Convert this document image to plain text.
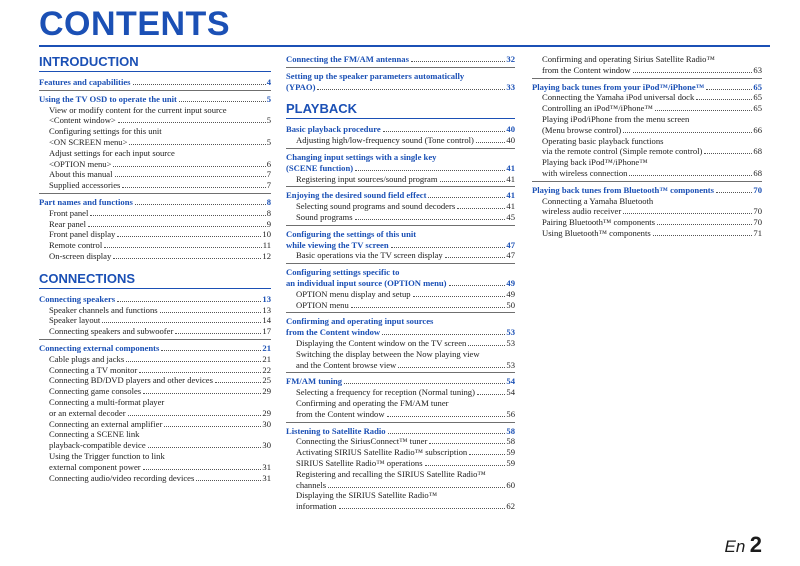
CONTENTS
INTRODUCTION
Features and capabilities	4
Using the TV OSD to operate the unit	5
View or modify content for the current input source
<Content window>	5
Configuring settings for this unit
<ON SCREEN menu>	5
Adjust settings for each input source
<OPTION menu>	6
About this manual	7
Supplied accessories	7
Part names and functions	8
Front panel	8
Rear panel	9
Front panel display	10
Remote control	11
On-screen display	12
CONNECTIONS
Connecting speakers	13
Speaker channels and functions	13
Speaker layout	14
Connecting speakers and subwoofer	17
Connecting external components	21
Cable plugs and jacks	21
Connecting a TV monitor	22
Connecting BD/DVD players and other devices	25
Connecting game consoles	29
Connecting a multi-format player
or an external decoder	29
Connecting an external amplifier	30
Connecting a SCENE link
playback-compatible device	30
Using the Trigger function to link
external component power	31
Connecting audio/video recording devices	31
Connecting the FM/AM antennas	32
Setting up the speaker parameters automatically
(YPAO)	33
PLAYBACK
Basic playback procedure	40
Adjusting high/low-frequency sound (Tone control)	40
Changing input settings with a single key
(SCENE function)	41
Registering input sources/sound program	41
Enjoying the desired sound field effect	41
Selecting sound programs and sound decoders	41
Sound programs	45
Configuring the settings of this unit
while viewing the TV screen	47
Basic operations via the TV screen display	47
Configuring settings specific to
an individual input source (OPTION menu)	49
OPTION menu display and setup	49
OPTION menu	50
Confirming and operating input sources
from the Content window	53
Displaying the Content window on the TV screen	53
Switching the display between the Now playing view
and the Content browse view	53
FM/AM tuning	54
Selecting a frequency for reception (Normal tuning)	54
Confirming and operating the FM/AM tuner
from the Content window	56
Listening to Satellite Radio	58
Connecting the SiriusConnect™ tuner	58
Activating SIRIUS Satellite Radio™ subscription	59
SIRIUS Satellite Radio™ operations	59
Registering and recalling the SIRIUS Satellite Radio™
channels	60
Displaying the SIRIUS Satellite Radio™
information	62
Confirming and operating Sirius Satellite Radio™
from the Content window	63
Playing back tunes from your iPod™/iPhone™	65
Connecting the Yamaha iPod universal dock	65
Controlling an iPod™/iPhone™	65
Playing iPod/iPhone from the menu screen
(Menu browse control)	66
Operating basic playback functions
via the remote control (Simple remote control)	68
Playing back iPod™/iPhone™
with wireless connection	68
Playing back tunes from Bluetooth™ components	70
Connecting a Yamaha Bluetooth
wireless audio receiver	70
Pairing Bluetooth™ components	70
Using Bluetooth™ components	71
En 2
